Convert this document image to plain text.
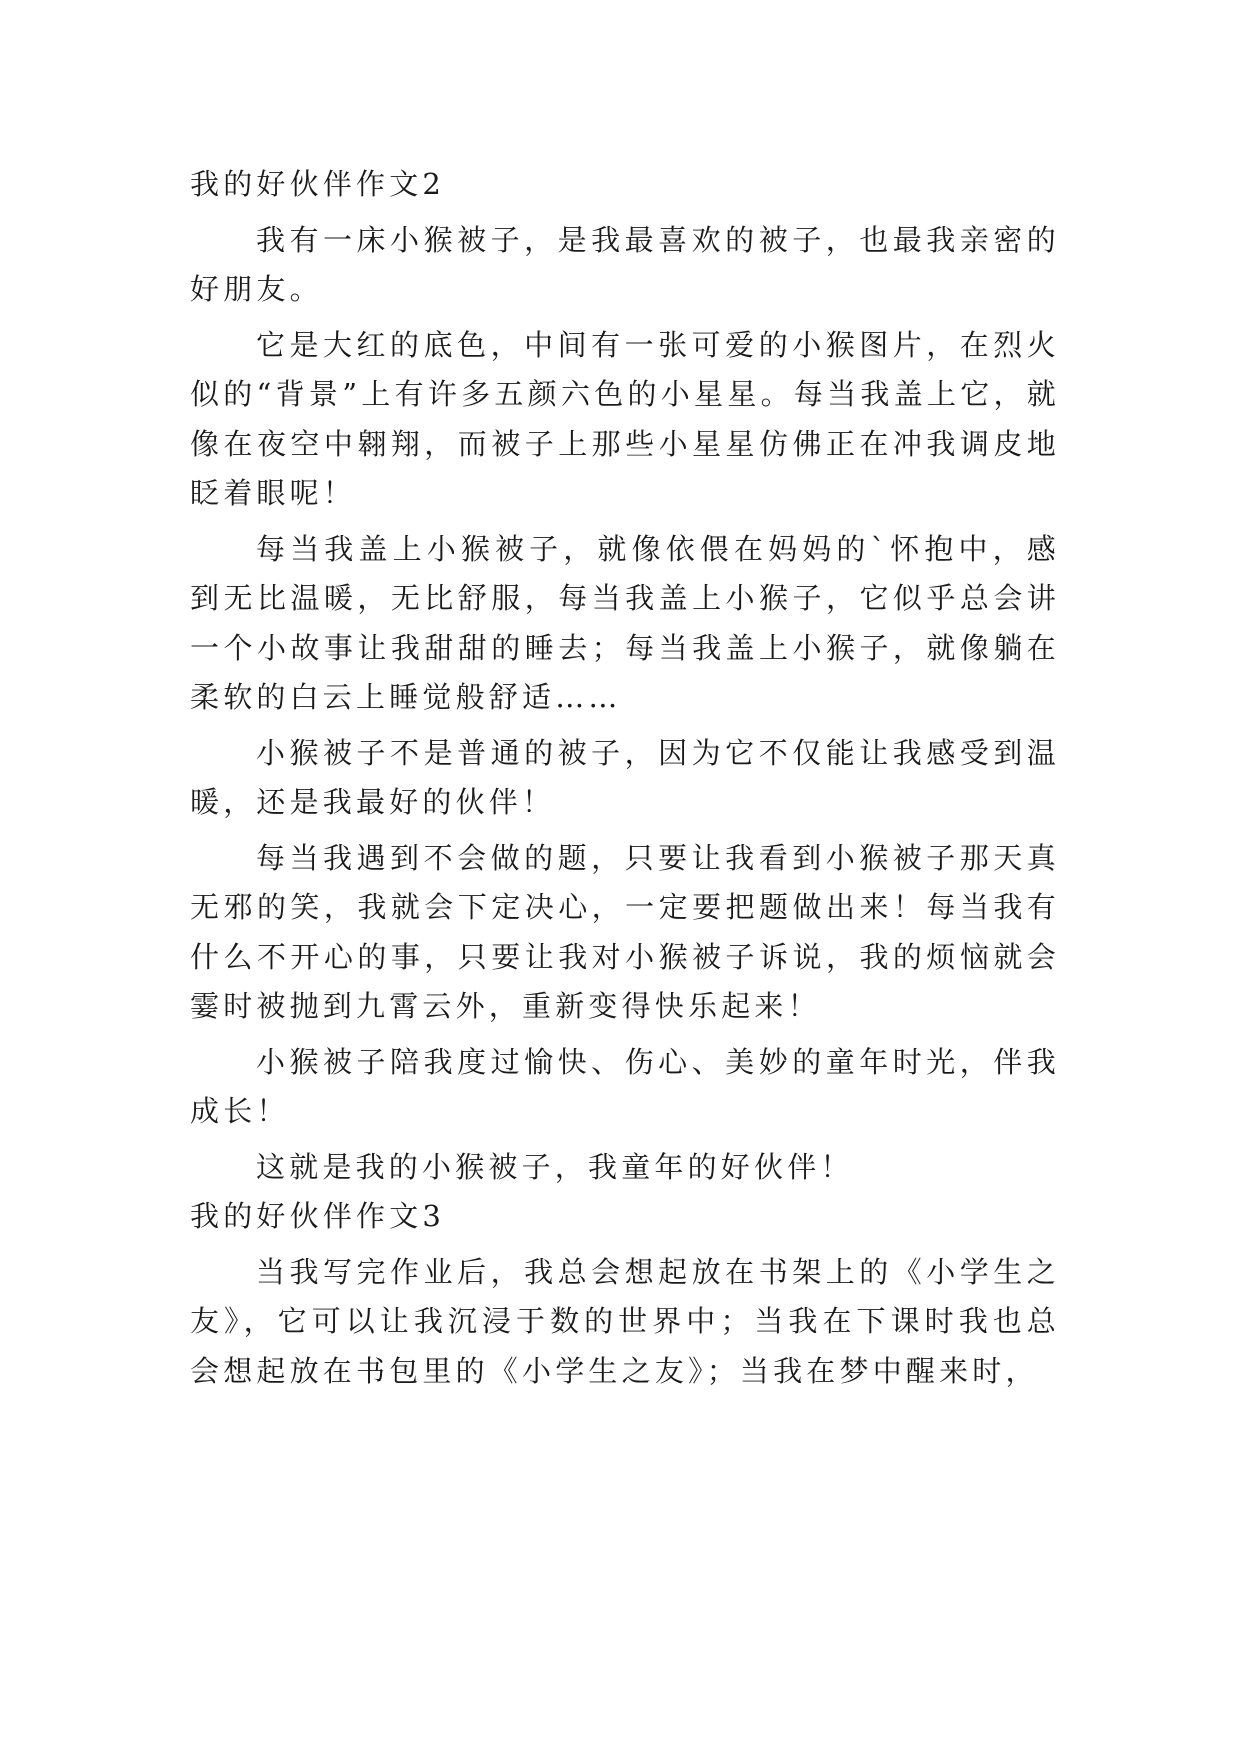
我的好伙伴作文2

我有一床小猴被子，是我最喜欢的被子，也最我亲密的好朋友。

它是大红的底色，中间有一张可爱的小猴图片，在烈火似的“背景”上有许多五颜六色的小星星。每当我盖上它，就像在夜空中翱翔，而被子上那些小星星仿佛正在冲我调皮地眨着眼呢！

每当我盖上小猴被子，就像依偎在妈妈的`怀抱中，感到无比温暖，无比舒服，每当我盖上小猴子，它似乎总会讲一个小故事让我甜甜的睡去；每当我盖上小猴子，就像躺在柔软的白云上睡觉般舒适……

小猴被子不是普通的被子，因为它不仅能让我感受到温暖，还是我最好的伙伴！

每当我遇到不会做的题，只要让我看到小猴被子那天真无邪的笑，我就会下定决心，一定要把题做出来！每当我有什么不开心的事，只要让我对小猴被子诉说，我的烦恼就会霎时被抛到九霄云外，重新变得快乐起来！

小猴被子陪我度过愉快、伤心、美妙的童年时光，伴我成长！

这就是我的小猴被子，我童年的好伙伴！

我的好伙伴作文3

当我写完作业后，我总会想起放在书架上的《小学生之友》，它可以让我沉浸于数的世界中；当我在下课时我也总会想起放在书包里的《小学生之友》；当我在梦中醒来时，
